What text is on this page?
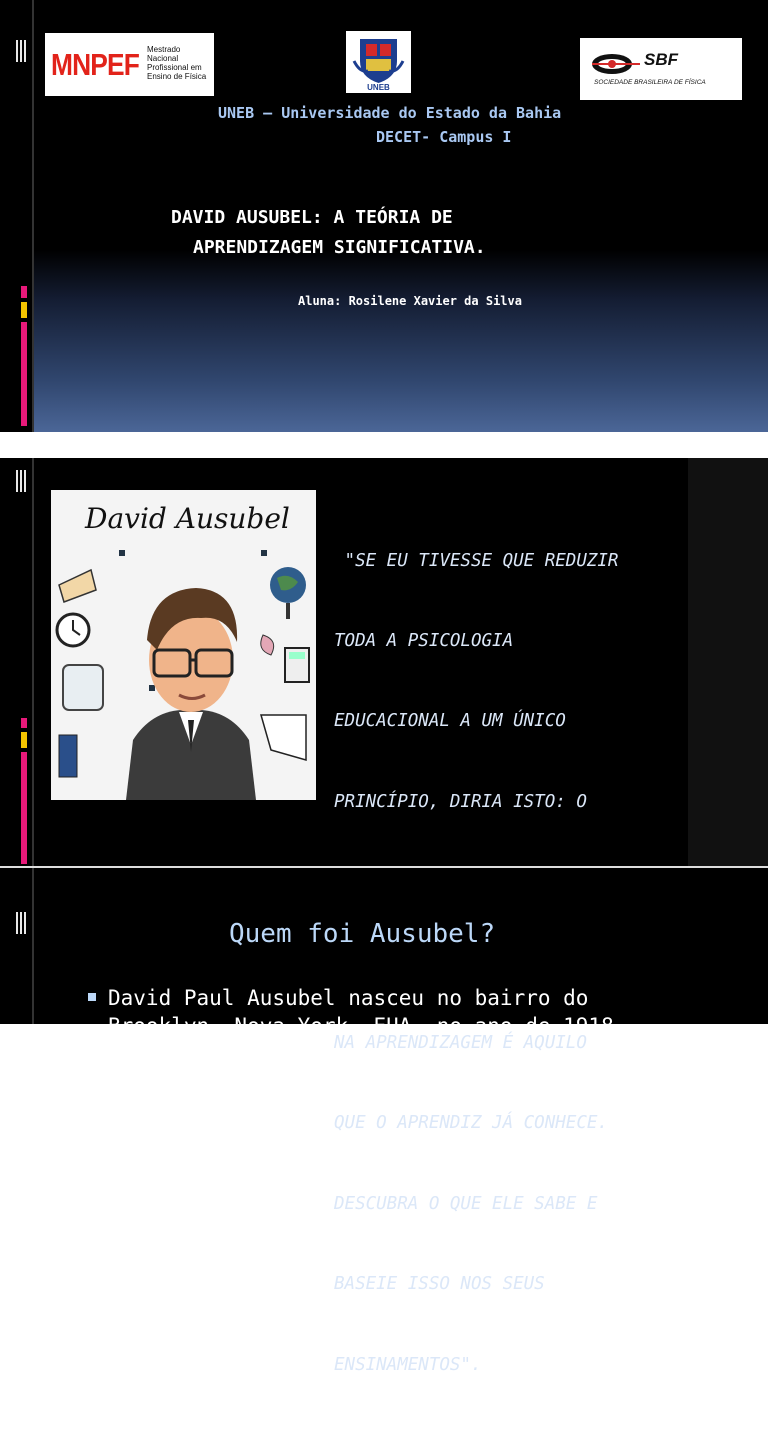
MNPEF Mestrado Nacional Profissional em Ensino de Física
UNEB
SBF
SOCIEDADE BRASILEIRA DE FÍSICA
UNEB – Universidade do Estado da Bahia
DECET- Campus I
DAVID AUSUBEL: A TEÓRIA DE
APRENDIZAGEM SIGNIFICATIVA.
Aluna: Rosilene Xavier da Silva
David Ausubel

"SE EU TIVESSE QUE REDUZIR

TODA A PSICOLOGIA

EDUCACIONAL A UM ÚNICO

PRINCÍPIO, DIRIA ISTO: O

NA APRENDIZAGEM É AQUILO

QUE O APRENDIZ JÁ CONHECE.

DESCUBRA O QUE ELE SABE E

BASEIE ISSO NOS SEUS

ENSINAMENTOS".

Quem foi Ausubel?
David Paul Ausubel nasceu no bairro do
Brooklyn, Nova York, EUA, no ano de 1918
